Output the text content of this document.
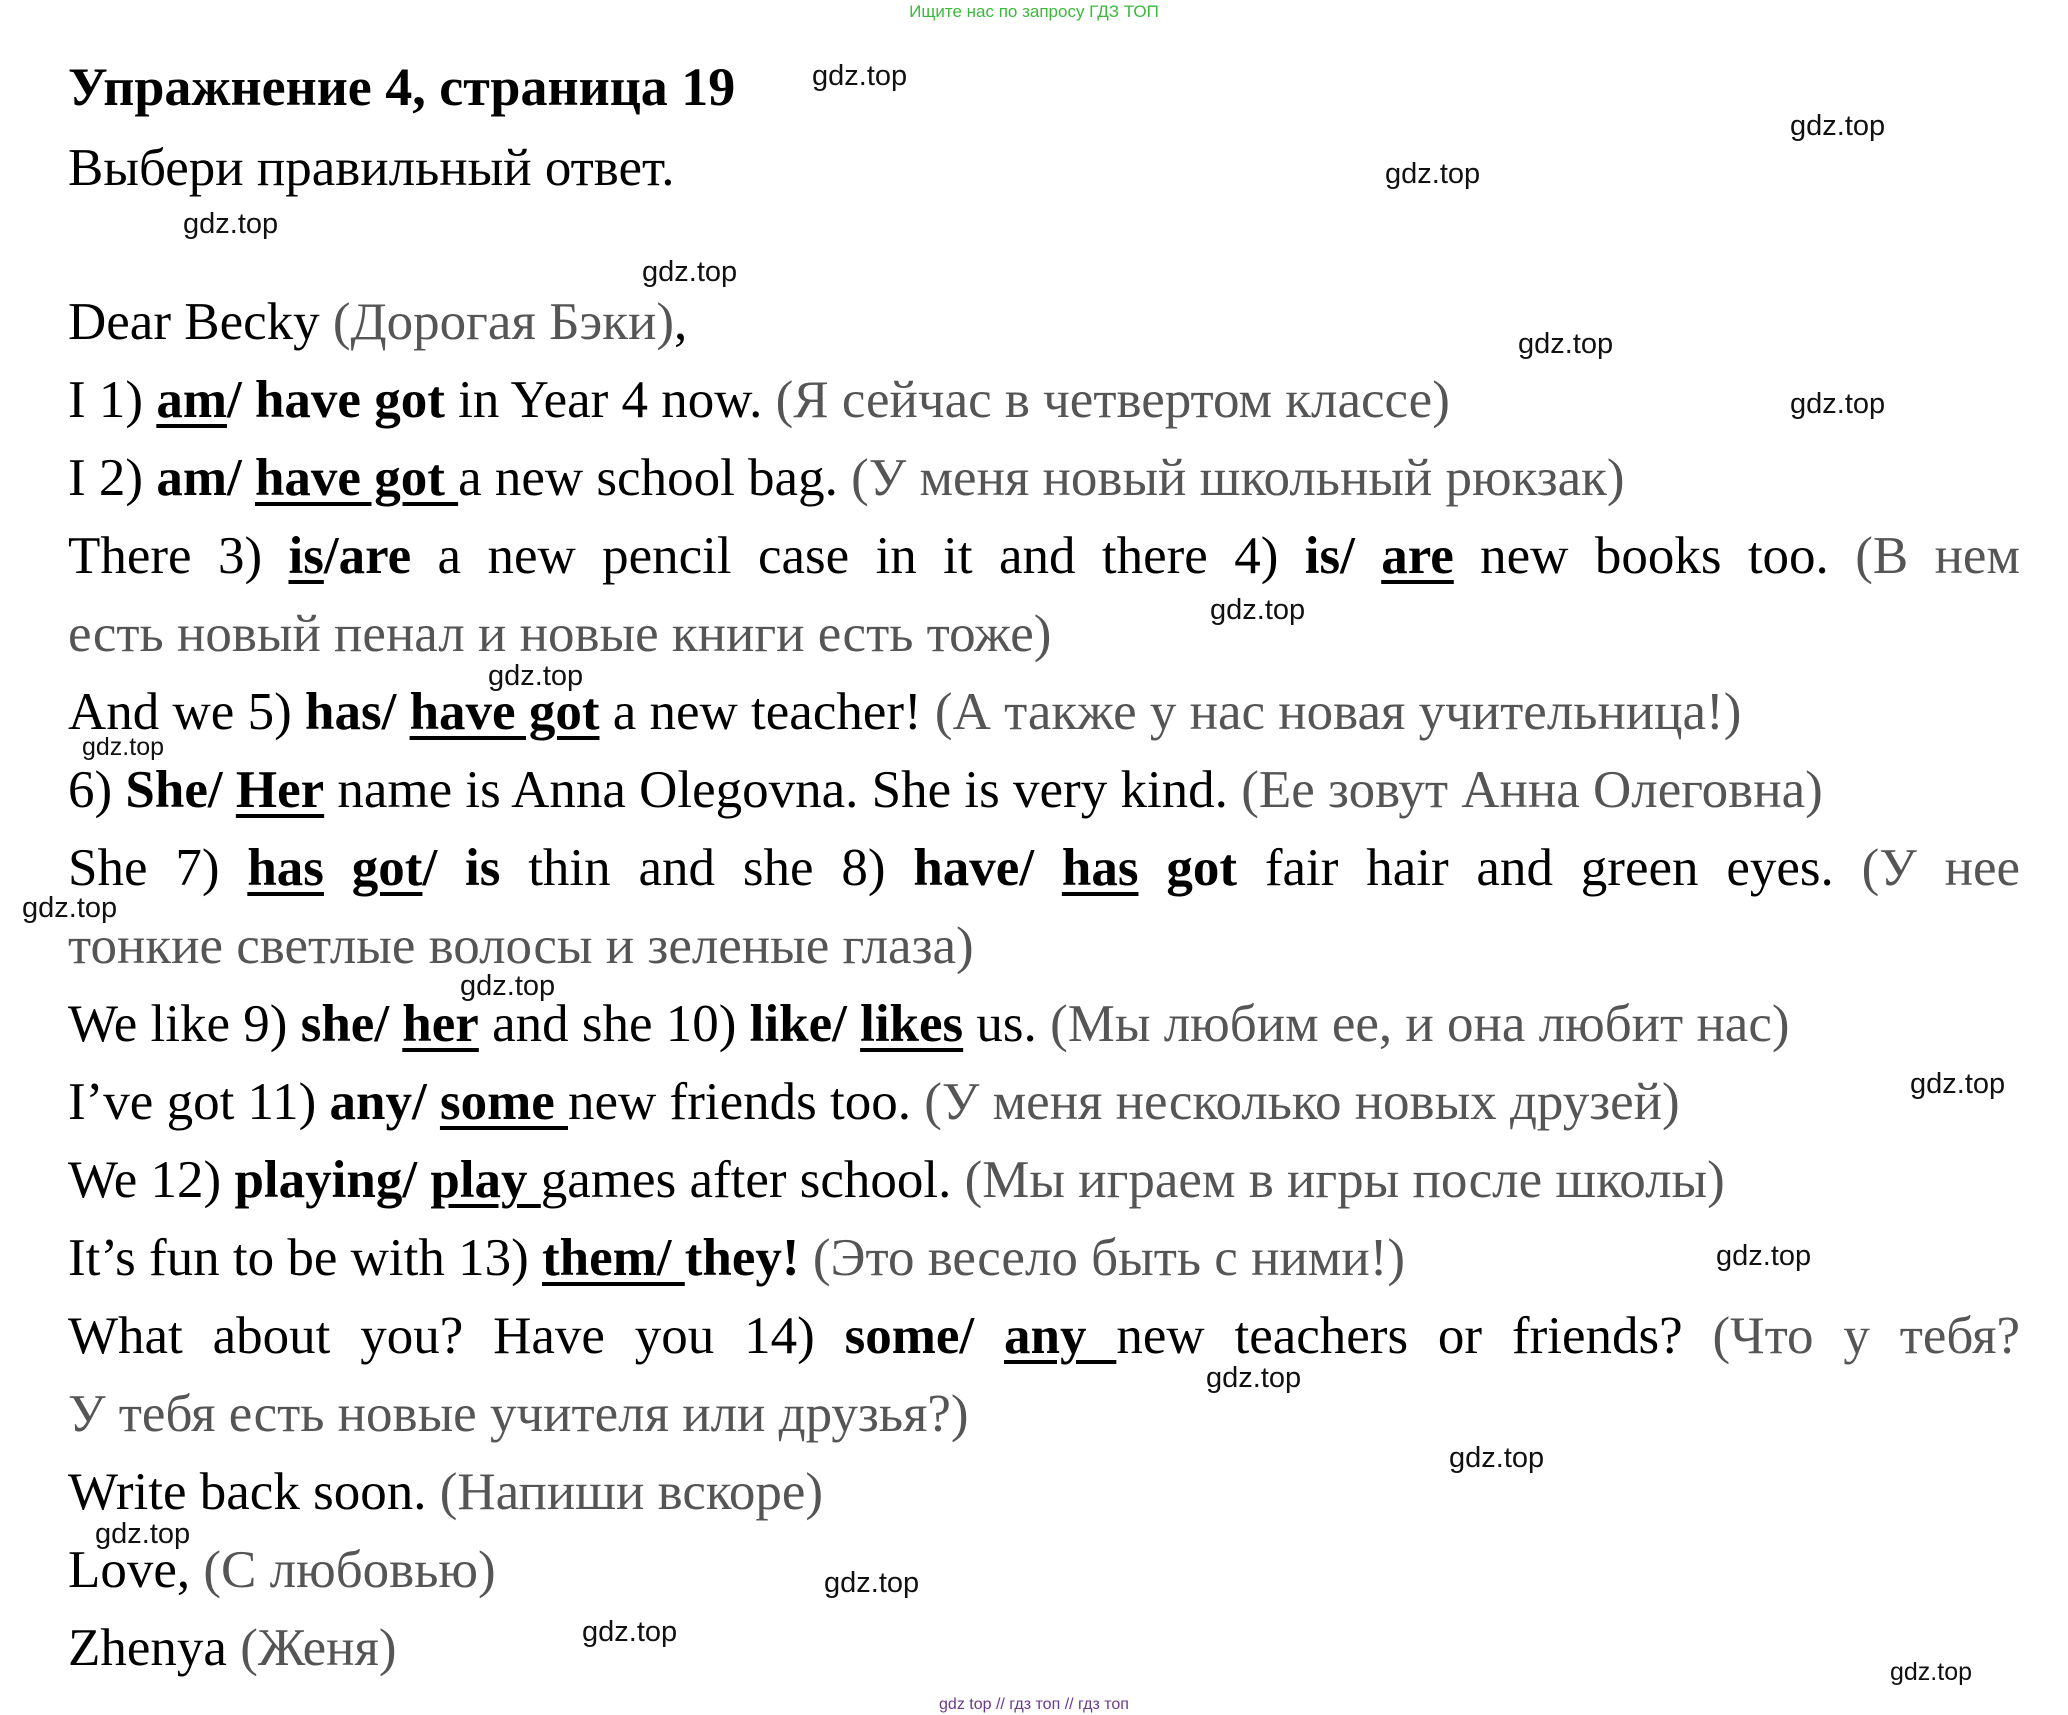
Ищите нас по запросу ГДЗ ТОП
Упражнение 4, страница 19	gdz.top
Выбери правильный ответ.
Dear Becky (Дорогая Бэки),
I 1) am/ have got in Year 4 now. (Я сейчас в четвертом классе)
I 2) am/ have got a new school bag. (У меня новый школьный рюкзак)
There 3) is/are a new pencil case in it and there 4) is/ are new books too. (В нем
есть новый пенал и новые книги есть тоже)
And we 5) has/ have got a new teacher! (А также у нас новая учительница!)
6) She/ Her name is Anna Olegovna. She is very kind. (Ее зовут Анна Олеговна)
She 7) has got/ is thin and she 8) have/ has got fair hair and green eyes. (У нее
тонкие светлые волосы и зеленые глаза)
We like 9) she/ her and she 10) like/ likes us. (Мы любим ее, и она любит нас)
I’ve got 11) any/ some new friends too. (У меня несколько новых друзей)
We 12) playing/ play games after school. (Мы играем в игры после школы)
It’s fun to be with 13) them/ they! (Это весело быть с ними!)
What about you? Have you 14) some/ any new teachers or friends? (Что у тебя?
У тебя есть новые учителя или друзья?)
Write back soon. (Напиши вскоре)
Love, (С любовью)
Zhenya (Женя)
gdz.top
gdz.top
gdz.top
gdz.top
gdz.top
gdz.top
gdz.top
gdz.top
gdz.top
gdz.top
gdz.top
gdz.top
gdz.top
gdz.top
gdz.top
gdz.top
gdz.top
gdz.top
gdz.top
gdz top // гдз топ // гдз топ
